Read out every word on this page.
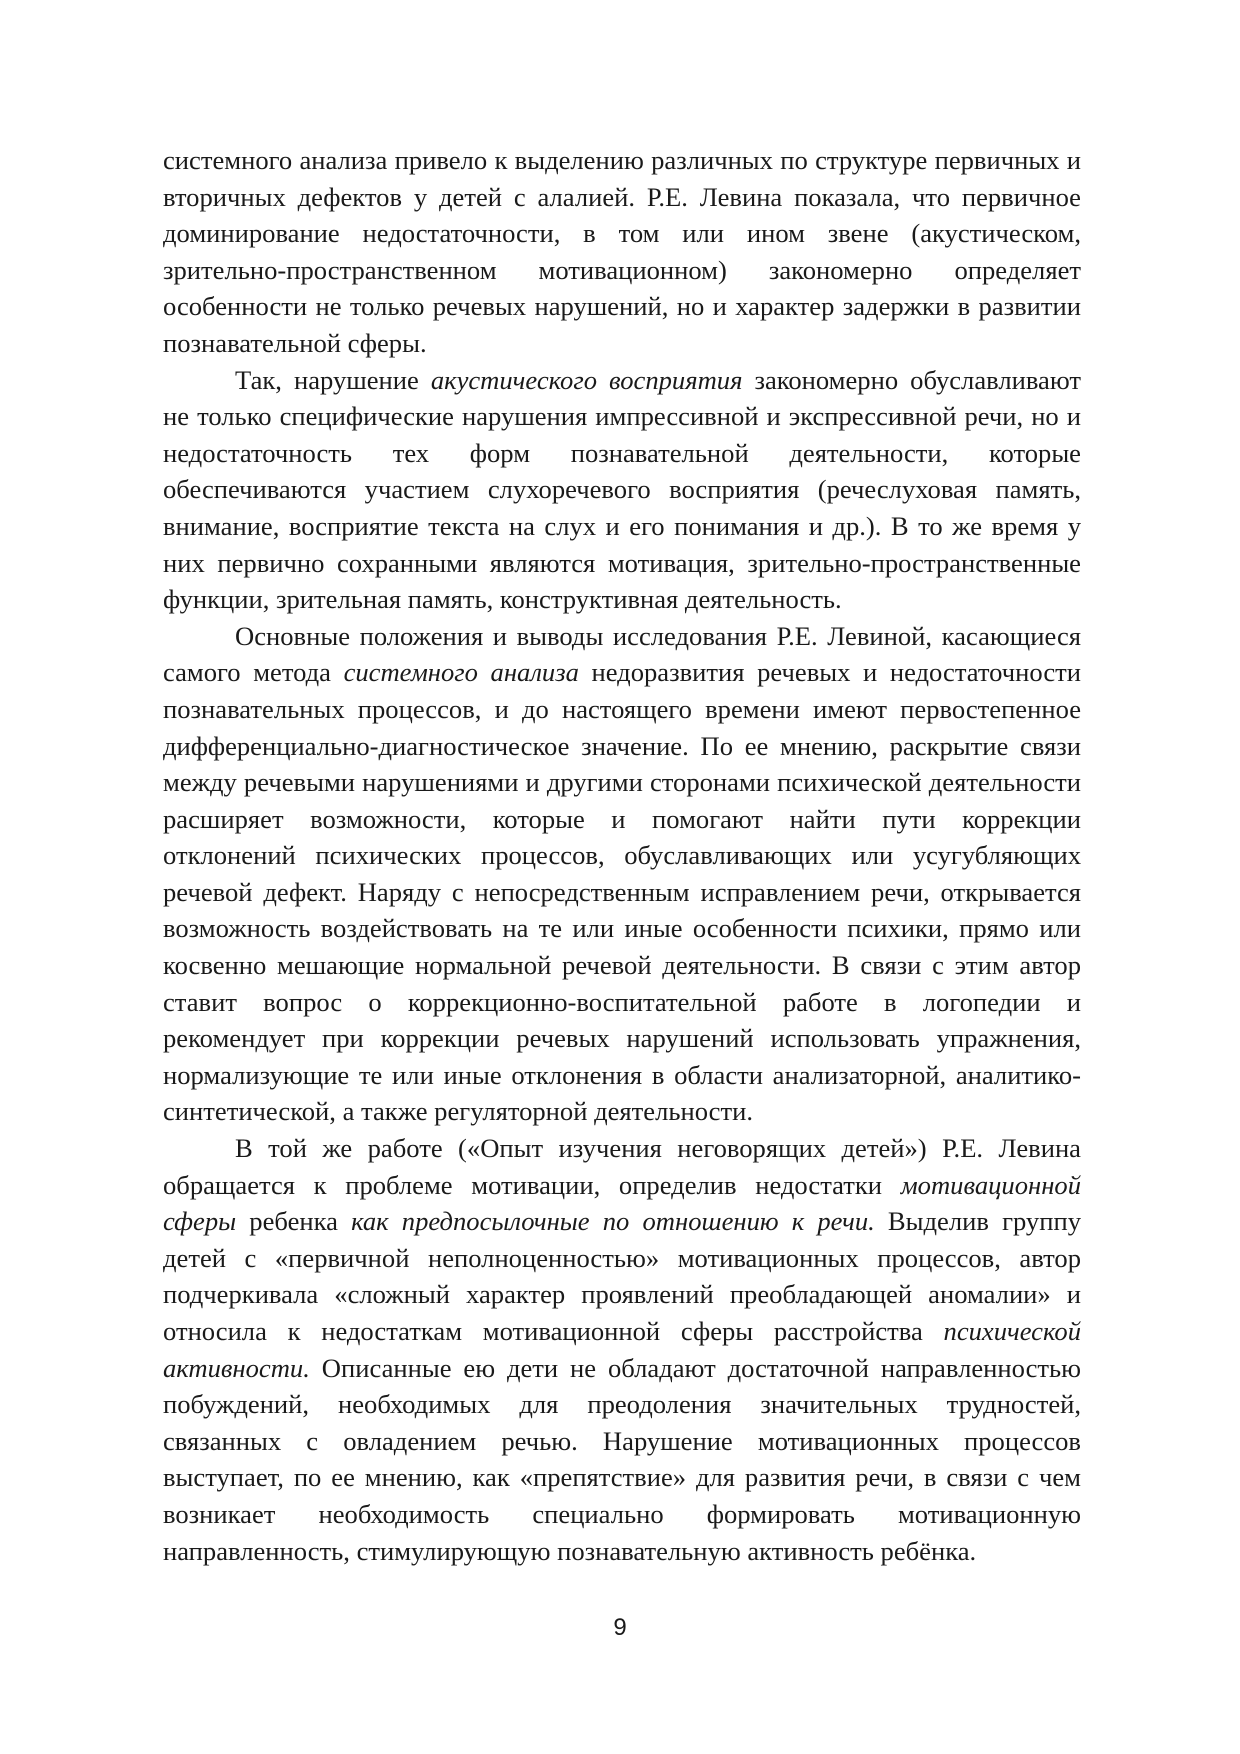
системного анализа привело к выделению различных по структуре первичных и вторичных дефектов у детей с алалией. Р.Е. Левина показала, что первичное доминирование недостаточности, в том или ином звене (акустическом, зрительно-пространственном мотивационном) закономерно определяет особенности не только речевых нарушений, но и характер задержки в развитии познавательной сферы.

Так, нарушение акустического восприятия закономерно обуславливают не только специфические нарушения импрессивной и экспрессивной речи, но и недостаточность тех форм познавательной деятельности, которые обеспечиваются участием слухоречевого восприятия (речеслуховая память, внимание, восприятие текста на слух и его понимания и др.). В то же время у них первично сохранными являются мотивация, зрительно-пространственные функции, зрительная память, конструктивная деятельность.

Основные положения и выводы исследования Р.Е. Левиной, касающиеся самого метода системного анализа недоразвития речевых и недостаточности познавательных процессов, и до настоящего времени имеют первостепенное дифференциально-диагностическое значение. По ее мнению, раскрытие связи между речевыми нарушениями и другими сторонами психической деятельности расширяет возможности, которые и помогают найти пути коррекции отклонений психических процессов, обуславливающих или усугубляющих речевой дефект. Наряду с непосредственным исправлением речи, открывается возможность воздействовать на те или иные особенности психики, прямо или косвенно мешающие нормальной речевой деятельности. В связи с этим автор ставит вопрос о коррекционно-воспитательной работе в логопедии и рекомендует при коррекции речевых нарушений использовать упражнения, нормализующие те или иные отклонения в области анализаторной, аналитико-синтетической, а также регуляторной деятельности.

В той же работе («Опыт изучения неговорящих детей») Р.Е. Левина обращается к проблеме мотивации, определив недостатки мотивационной сферы ребенка как предпосылочные по отношению к речи. Выделив группу детей с «первичной неполноценностью» мотивационных процессов, автор подчеркивала «сложный характер проявлений преобладающей аномалии» и относила к недостаткам мотивационной сферы расстройства психической активности. Описанные ею дети не обладают достаточной направленностью побуждений, необходимых для преодоления значительных трудностей, связанных с овладением речью. Нарушение мотивационных процессов выступает, по ее мнению, как «препятствие» для развития речи, в связи с чем возникает необходимость специально формировать мотивационную направленность, стимулирующую познавательную активность ребёнка.

9
